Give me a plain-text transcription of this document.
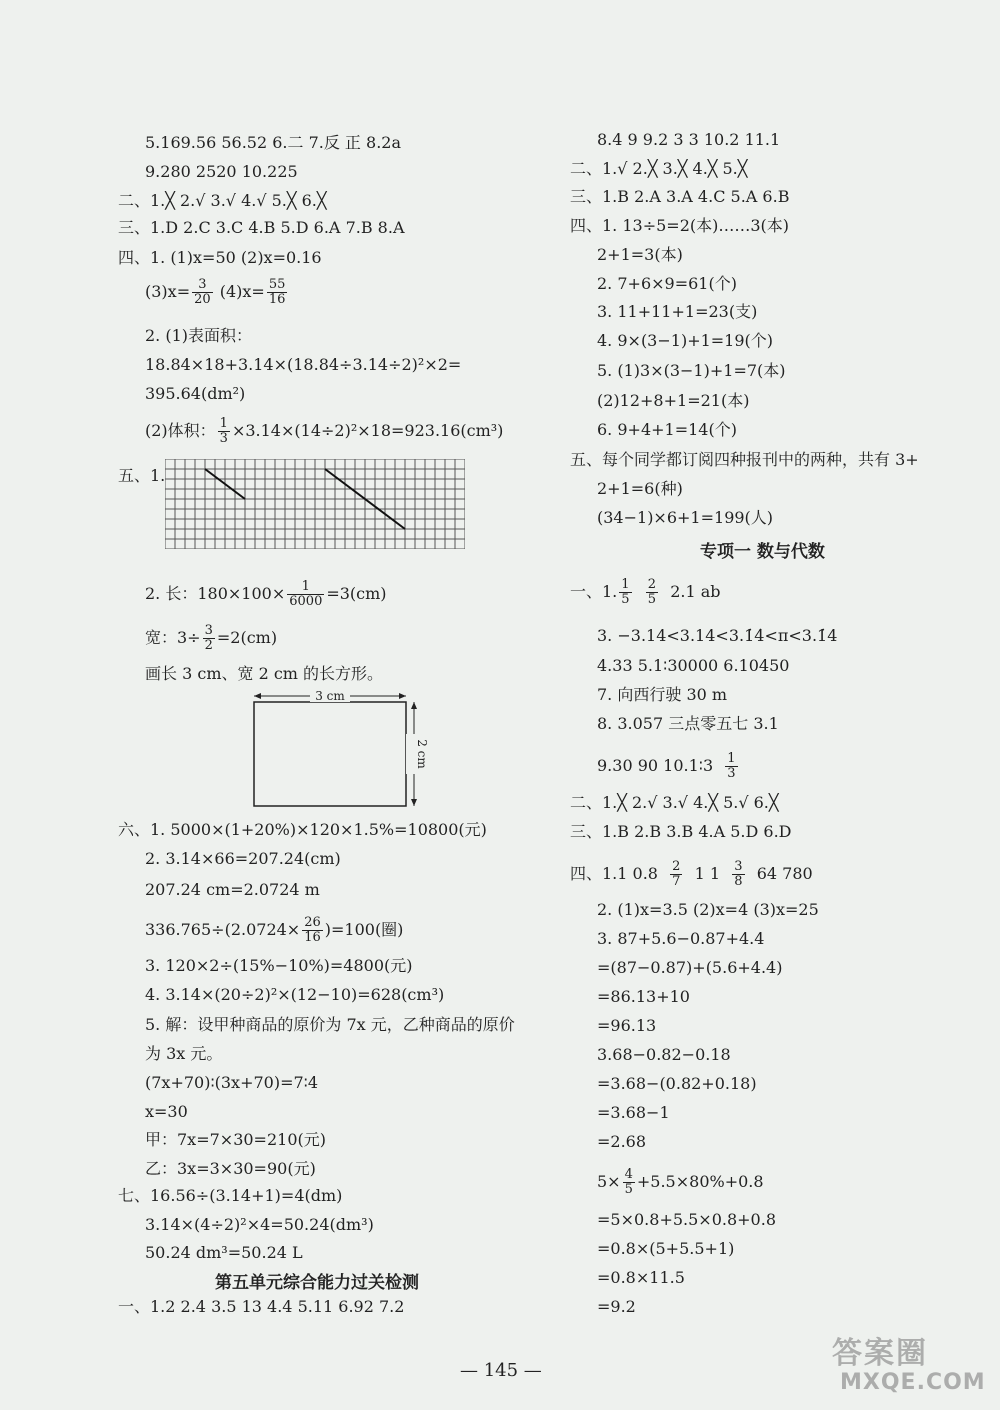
5.169.56 56.52 6.二 7.反 正 8.2a
9.280 2520 10.225
二、1.╳ 2.√ 3.√ 4.√ 5.╳ 6.╳
三、1.D 2.C 3.C 4.B 5.D 6.A 7.B 8.A
四、1. (1)x=50 (2)x=0.16
$(3)x= \frac{3}{20} (4)x= \frac{55}{16}$
2. (1)表面积：
18.84×18+3.14×(18.84÷3.14÷2)²×2=
395.64(dm²)
(2)体积： $\frac{1}{3} \times 3.14\times(14\div 2)^2\times 18=923.16(cm^3)$
五、1.
2. 长：$180\times 100\times \frac{1}{6000} =3(cm)$
宽：$3\div \frac{3}{2} =2(cm)$
画长 3 cm、宽 2 cm 的长方形。
3 cm
2 cm
六、1. 5000×(1+20%)×120×1.5%=10800(元)
2. 3.14×66=207.24(cm)
207.24 cm=2.0724 m
$336.765\div(2.0724\times \frac{26}{16} )=100$(圈)
3. 120×2÷(15%−10%)=4800(元)
4. 3.14×(20÷2)²×(12−10)=628(cm³)
5. 解：设甲种商品的原价为 7x 元，乙种商品的原价
为 3x 元。
(7x+70)∶(3x+70)=7∶4
x=30
甲：7x=7×30=210(元)
乙：3x=3×30=90(元)
七、16.56÷(3.14+1)=4(dm)
3.14×(4÷2)²×4=50.24(dm³)
50.24 dm³=50.24 L
第五单元综合能力过关检测
一、1.2 2.4 3.5 13 4.4 5.11 6.92 7.2
8.4 9 9.2 3 3 10.2 11.1
二、1.√ 2.╳ 3.╳ 4.╳ 5.╳
三、1.B 2.A 3.A 4.C 5.A 6.B
四、1. 13÷5=2(本)……3(本)
2+1=3(本)
2. 7+6×9=61(个)
3. 11+11+1=23(支)
4. 9×(3−1)+1=19(个)
5. (1)3×(3−1)+1=7(本)
(2)12+8+1=21(本)
6. 9+4+1=14(个)
五、每个同学都订阅四种报刊中的两种，共有 3+
2+1=6(种)
(34−1)×6+1=199(人)
专项一 数与代数
一、1. $\frac{1}{5}$
$\frac{2}{5} 2.1$ ab
3. −3.14<3.14<3.1̇4̇<π<3.1̇4
4.33 5.1∶30000 6.10450
7. 向西行驶 30 m
8. 3.057 三点零五七 3.1
9.30 90 10.1∶3 $\frac{1}{3}$
二、1.╳ 2.√ 3.√ 4.╳ 5.√ 6.╳
三、1.B 2.B 3.B 4.A 5.D 6.D
四、1.1 $0.8 \frac{2}{7} 1$ $1 \frac{3}{8} 64$ 780
2. (1)x=3.5 (2)x=4 (3)x=25
3. 87+5.6−0.87+4.4
=(87−0.87)+(5.6+4.4)
=86.13+10
=96.13
3.68−0.82−0.18
=3.68−(0.82+0.18)
=3.68−1
=2.68
$5\times \frac{4}{5} +5.5\times 80\%+0.8$
=5×0.8+5.5×0.8+0.8
=0.8×(5+5.5+1)
=0.8×11.5
=9.2
— 145 —	答案圈
MXQE.COM
